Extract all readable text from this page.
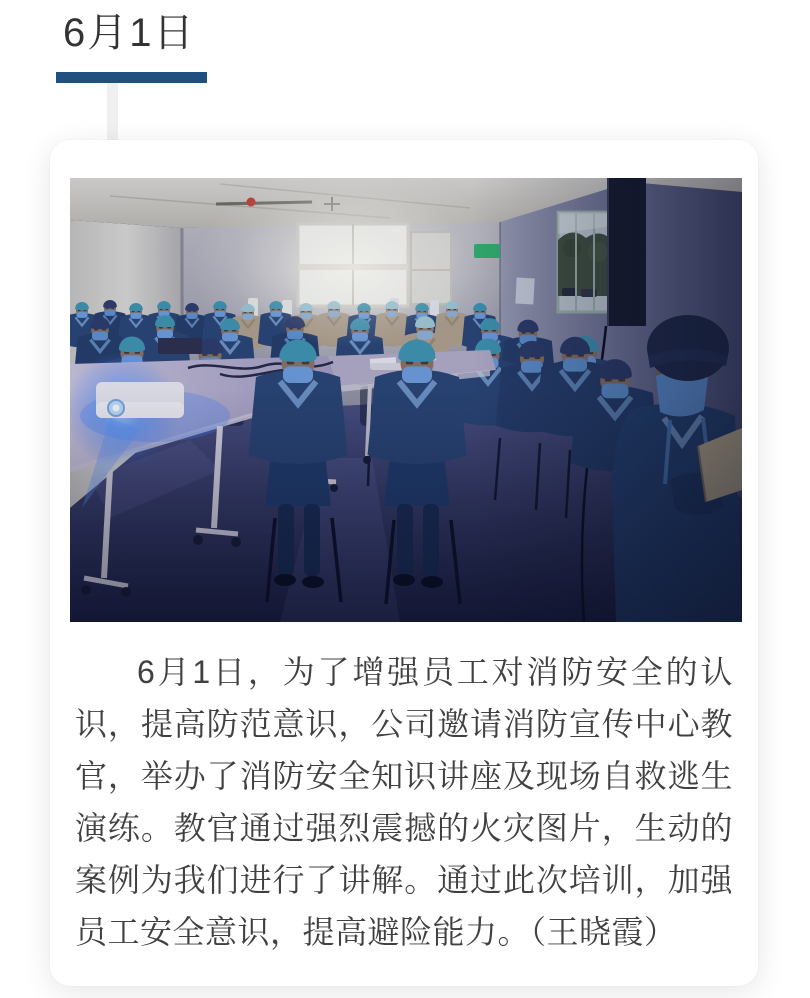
6月1日
6月1日，为了增强员工对消防安全的认识，提高防范意识，公司邀请消防宣传中心教官，举办了消防安全知识讲座及现场自救逃生演练。教官通过强烈震撼的火灾图片，生动的案例为我们进行了讲解。通过此次培训，加强员工安全意识，提高避险能力。（王晓霞）
